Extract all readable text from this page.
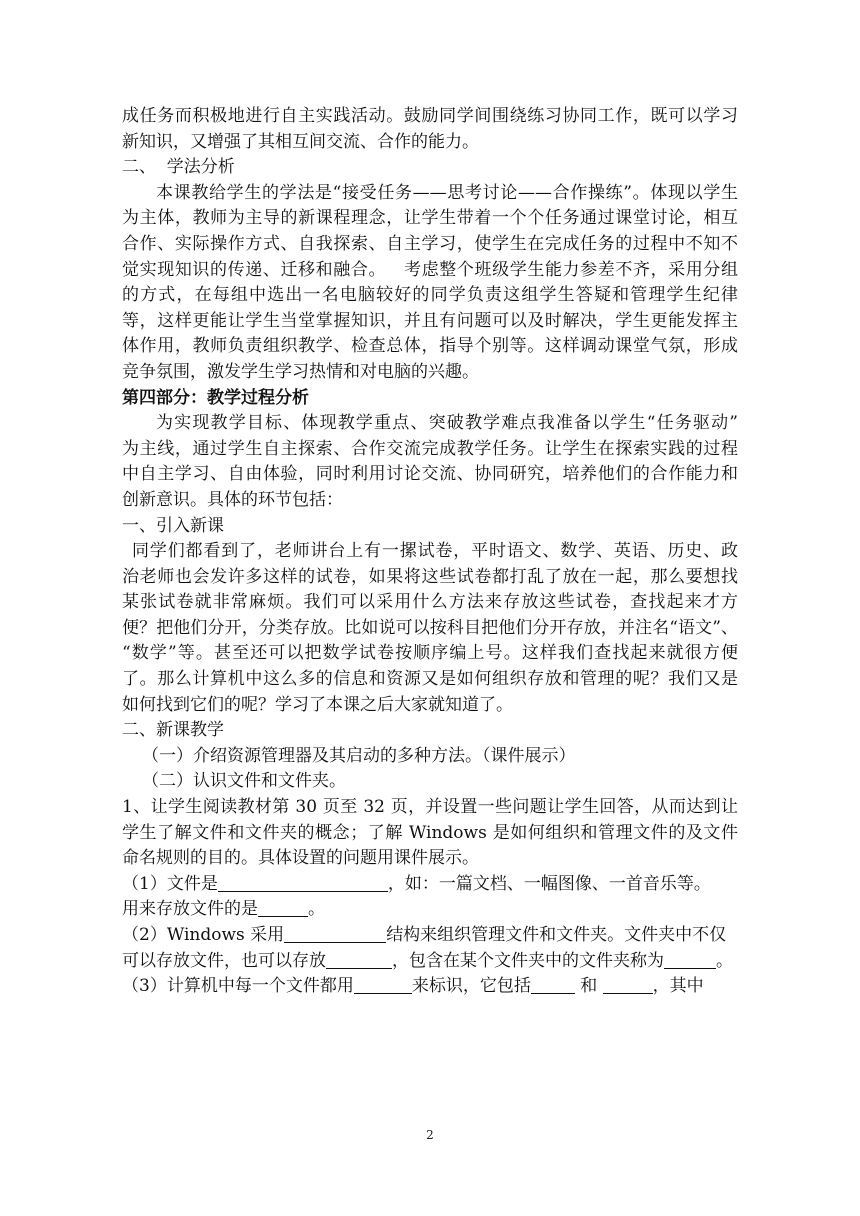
成任务而积极地进行自主实践活动。鼓励同学间围绕练习协同工作，既可以学习
新知识，又增强了其相互间交流、合作的能力。
二、  学法分析
本课教给学生的学法是“接受任务——思考讨论——合作操练”。体现以学生
为主体，教师为主导的新课程理念，让学生带着一个个任务通过课堂讨论，相互
合作、实际操作方式、自我探索、自主学习，使学生在完成任务的过程中不知不
觉实现知识的传递、迁移和融合。   考虑整个班级学生能力参差不齐，采用分组
的方式，在每组中选出一名电脑较好的同学负责这组学生答疑和管理学生纪律
等，这样更能让学生当堂掌握知识，并且有问题可以及时解决，学生更能发挥主
体作用，教师负责组织教学、检查总体，指导个别等。这样调动课堂气氛，形成
竞争氛围，激发学生学习热情和对电脑的兴趣。
第四部分：教学过程分析
为实现教学目标、体现教学重点、突破教学难点我准备以学生“任务驱动”
为主线，通过学生自主探索、合作交流完成教学任务。让学生在探索实践的过程
中自主学习、自由体验，同时利用讨论交流、协同研究，培养他们的合作能力和
创新意识。具体的环节包括：
一、引入新课
同学们都看到了，老师讲台上有一摞试卷，平时语文、数学、英语、历史、政
治老师也会发许多这样的试卷，如果将这些试卷都打乱了放在一起，那么要想找
某张试卷就非常麻烦。我们可以采用什么方法来存放这些试卷，查找起来才方
便？把他们分开，分类存放。比如说可以按科目把他们分开存放，并注名“语文”、
“数学”等。甚至还可以把数学试卷按顺序编上号。这样我们查找起来就很方便
了。那么计算机中这么多的信息和资源又是如何组织存放和管理的呢？我们又是
如何找到它们的呢？学习了本课之后大家就知道了。
二、新课教学
（一）介绍资源管理器及其启动的多种方法。（课件展示）
（二）认识文件和文件夹。
1、让学生阅读教材第 30 页至 32 页，并设置一些问题让学生回答，从而达到让
学生了解文件和文件夹的概念；了解 Windows 是如何组织和管理文件的及文件
命名规则的目的。具体设置的问题用课件展示。
（1）文件是	，如：一篇文档、一幅图像、一首音乐等。
用来存放文件的是	。
（2）Windows 采用	结构来组织管理文件和文件夹。文件夹中不仅
可以存放文件，也可以存放	，包含在某个文件夹中的文件夹称为	。
（3）计算机中每一个文件都用	来标识，它包括	和	，其中
2
